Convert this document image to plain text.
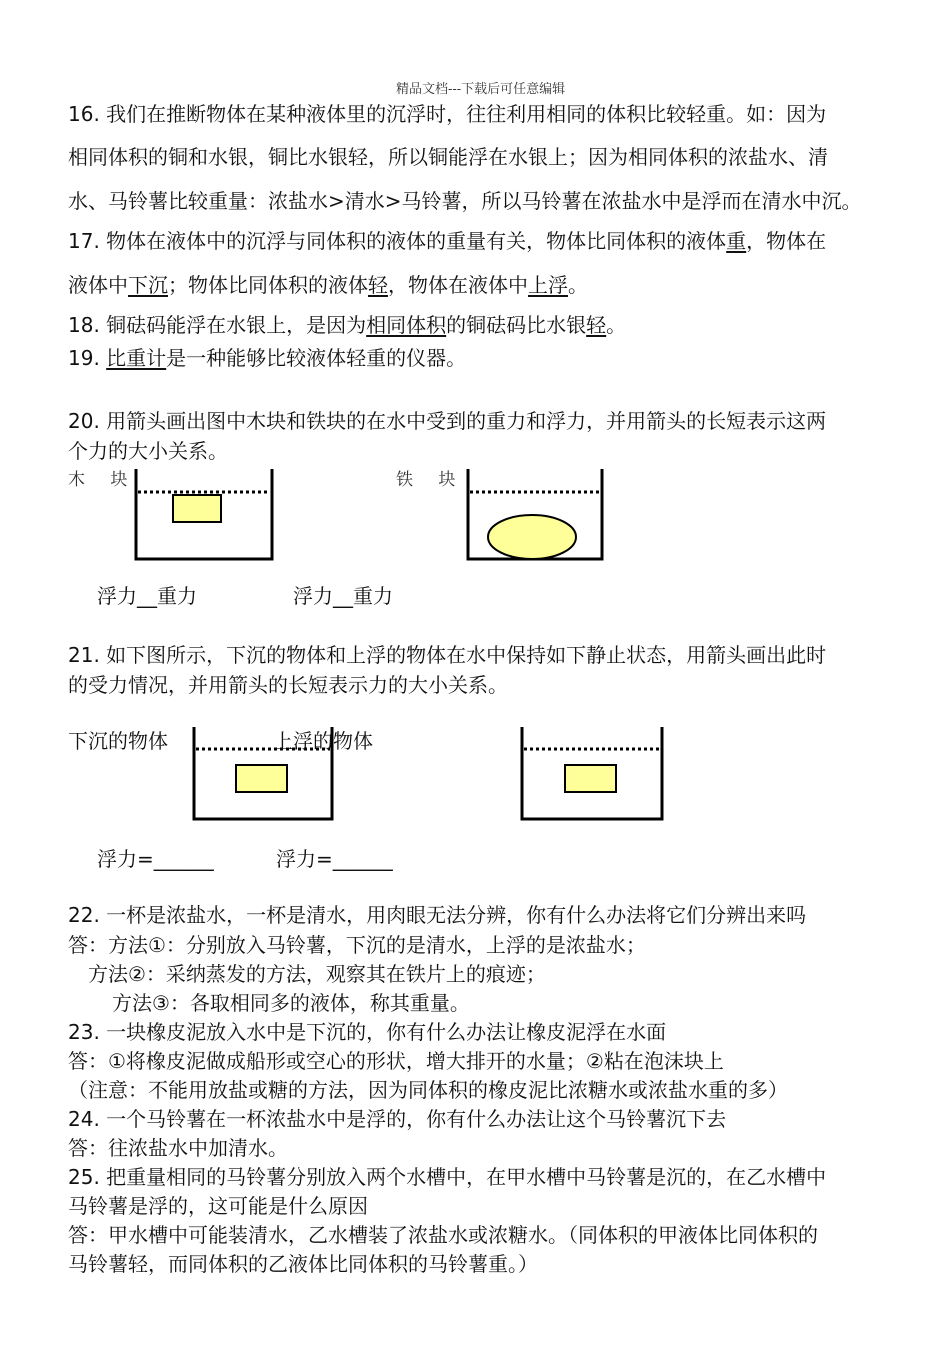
精品文档---下载后可任意编辑
16. 我们在推断物体在某种液体里的沉浮时，往往利用相同的体积比较轻重。如：因为
相同体积的铜和水银，铜比水银轻，所以铜能浮在水银上；因为相同体积的浓盐水、清
水、马铃薯比较重量：浓盐水>清水>马铃薯，所以马铃薯在浓盐水中是浮而在清水中沉。
17. 物体在液体中的沉浮与同体积的液体的重量有关，物体比同体积的液体重，物体在
液体中下沉；物体比同体积的液体轻，物体在液体中上浮。
18. 铜砝码能浮在水银上，是因为相同体积的铜砝码比水银轻。
19. 比重计是一种能够比较液体轻重的仪器。
20. 用箭头画出图中木块和铁块的在水中受到的重力和浮力，并用箭头的长短表示这两
个力的大小关系。
木 块	铁 块
浮力__重力	浮力__重力
21. 如下图所示，下沉的物体和上浮的物体在水中保持如下静止状态，用箭头画出此时
的受力情况，并用箭头的长短表示力的大小关系。
下沉的物体	上浮的物体
浮力=______	浮力=______
22. 一杯是浓盐水，一杯是清水，用肉眼无法分辨，你有什么办法将它们分辨出来吗
答：方法①：分别放入马铃薯，下沉的是清水，上浮的是浓盐水；
方法②：采纳蒸发的方法，观察其在铁片上的痕迹；
方法③：各取相同多的液体，称其重量。
23. 一块橡皮泥放入水中是下沉的，你有什么办法让橡皮泥浮在水面
答：①将橡皮泥做成船形或空心的形状，增大排开的水量；②粘在泡沫块上
（注意：不能用放盐或糖的方法，因为同体积的橡皮泥比浓糖水或浓盐水重的多）
24. 一个马铃薯在一杯浓盐水中是浮的，你有什么办法让这个马铃薯沉下去
答：往浓盐水中加清水。
25. 把重量相同的马铃薯分别放入两个水槽中，在甲水槽中马铃薯是沉的，在乙水槽中
马铃薯是浮的，这可能是什么原因
答：甲水槽中可能装清水，乙水槽装了浓盐水或浓糖水。（同体积的甲液体比同体积的
马铃薯轻，而同体积的乙液体比同体积的马铃薯重。）
